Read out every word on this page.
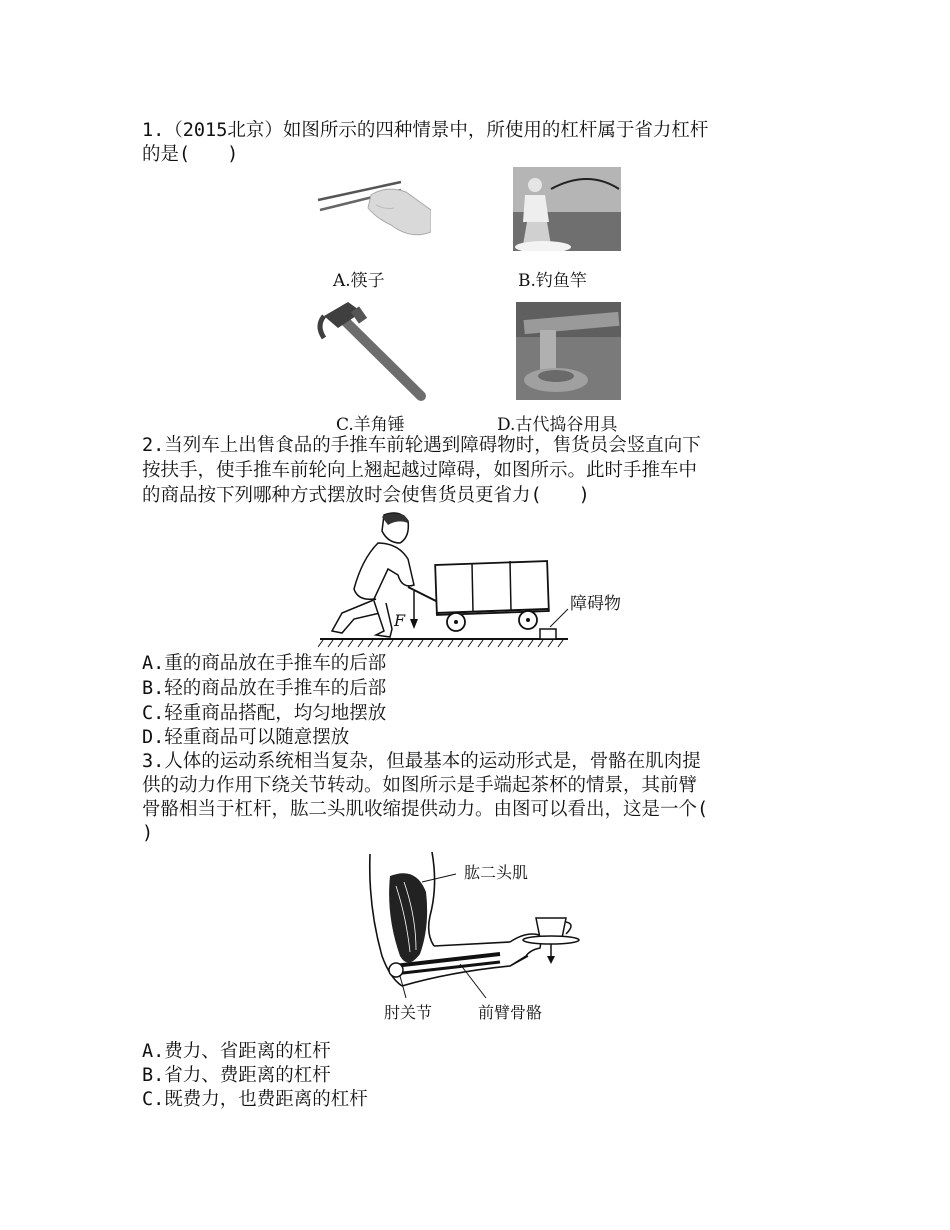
1.（2015北京）如图所示的四种情景中，所使用的杠杆属于省力杠杆
的是(　　)
A.筷子	B.钓鱼竿
C.羊角锤	D.古代捣谷用具
2.当列车上出售食品的手推车前轮遇到障碍物时，售货员会竖直向下
按扶手，使手推车前轮向上翘起越过障碍，如图所示。此时手推车中
的商品按下列哪种方式摆放时会使售货员更省力(　　)
F
障碍物
A.重的商品放在手推车的后部
B.轻的商品放在手推车的后部
C.轻重商品搭配，均匀地摆放
D.轻重商品可以随意摆放
3.人体的运动系统相当复杂，但最基本的运动形式是，骨骼在肌肉提
供的动力作用下绕关节转动。如图所示是手端起茶杯的情景，其前臂
骨骼相当于杠杆，肱二头肌收缩提供动力。由图可以看出，这是一个(
)
肱二头肌
肘关节	前臂骨骼
A.费力、省距离的杠杆
B.省力、费距离的杠杆
C.既费力，也费距离的杠杆
